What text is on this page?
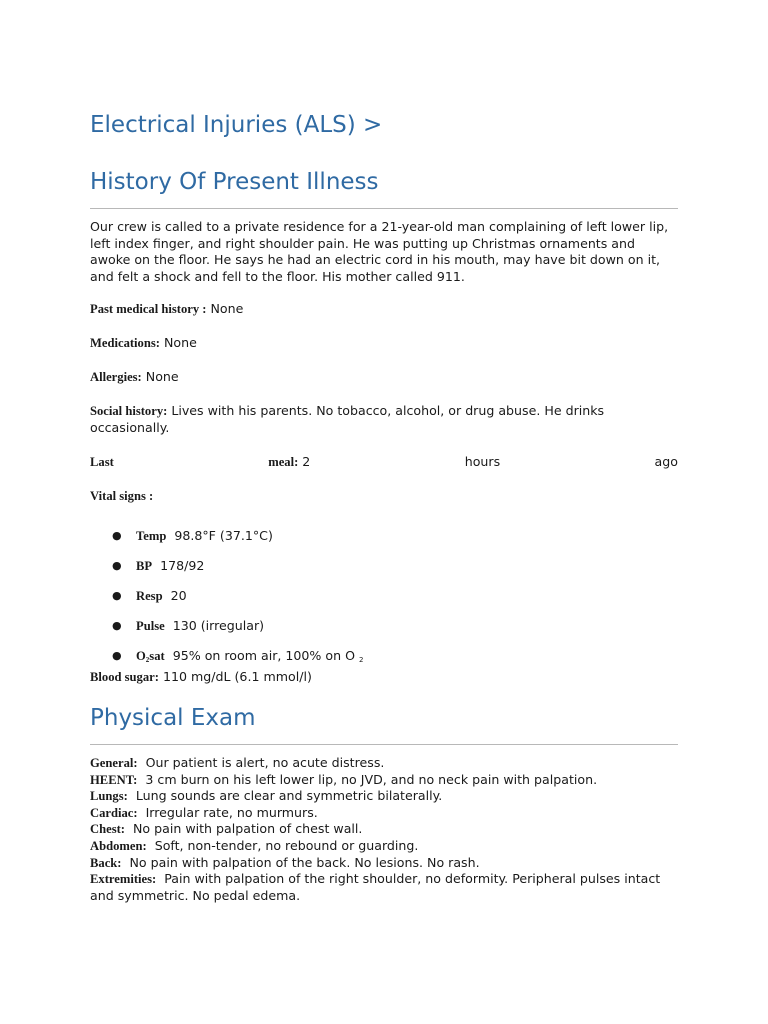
Electrical Injuries (ALS) >
History Of Present Illness
Our crew is called to a private residence for a 21-year-old man complaining of left lower lip, left index finger, and right shoulder pain. He was putting up Christmas ornaments and awoke on the floor. He says he had an electric cord in his mouth, may have bit down on it, and felt a shock and fell to the floor. His mother called 911.
Past medical history : None
Medications: None
Allergies: None
Social history: Lives with his parents. No tobacco, alcohol, or drug abuse. He drinks occasionally.
Last	meal: 2	hours	ago
Vital signs :
● Temp 98.8°F (37.1°C)
● BP 178/92
● Resp 20
● Pulse 130 (irregular)
● $O_2sat$ 95% on room air, 100% on O $_2$
Blood sugar: 110 mg/dL (6.1 mmol/l)
Physical Exam
General: Our patient is alert, no acute distress.
HEENT: 3 cm burn on his left lower lip, no JVD, and no neck pain with palpation.
Lungs: Lung sounds are clear and symmetric bilaterally.
Cardiac: Irregular rate, no murmurs.
Chest: No pain with palpation of chest wall.
Abdomen: Soft, non-tender, no rebound or guarding.
Back: No pain with palpation of the back. No lesions. No rash.
Extremities: Pain with palpation of the right shoulder, no deformity. Peripheral pulses intact and symmetric. No pedal edema.
